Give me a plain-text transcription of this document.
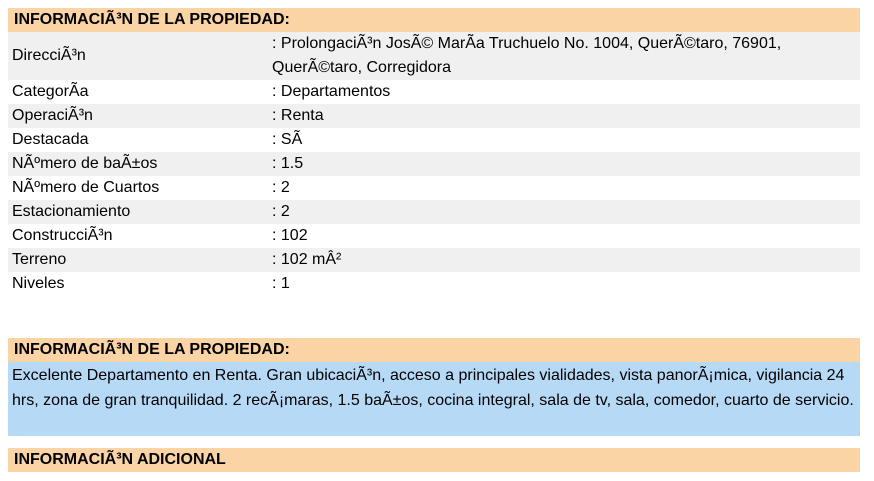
INFORMACIÃ³N DE LA PROPIEDAD:
DirecciÃ³n	: ProlongaciÃ³n JosÃ© MarÃa Truchuelo No. 1004, QuerÃ©taro, 76901, QuerÃ©taro, Corregidora
CategorÃa	: Departamentos
OperaciÃ³n	: Renta
Destacada	: SÃ
NÃºmero de baÃ±os	: 1.5
NÃºmero de Cuartos	: 2
Estacionamiento	: 2
ConstrucciÃ³n	: 102
Terreno	: 102 mÂ²
Niveles	: 1
INFORMACIÃ³N DE LA PROPIEDAD:
Excelente Departamento en Renta. Gran ubicaciÃ³n, acceso a principales vialidades, vista panorÃ¡mica, vigilancia 24 hrs, zona de gran tranquilidad. 2 recÃ¡maras, 1.5 baÃ±os, cocina integral, sala de tv, sala, comedor, cuarto de servicio.
INFORMACIÃ³N ADICIONAL
